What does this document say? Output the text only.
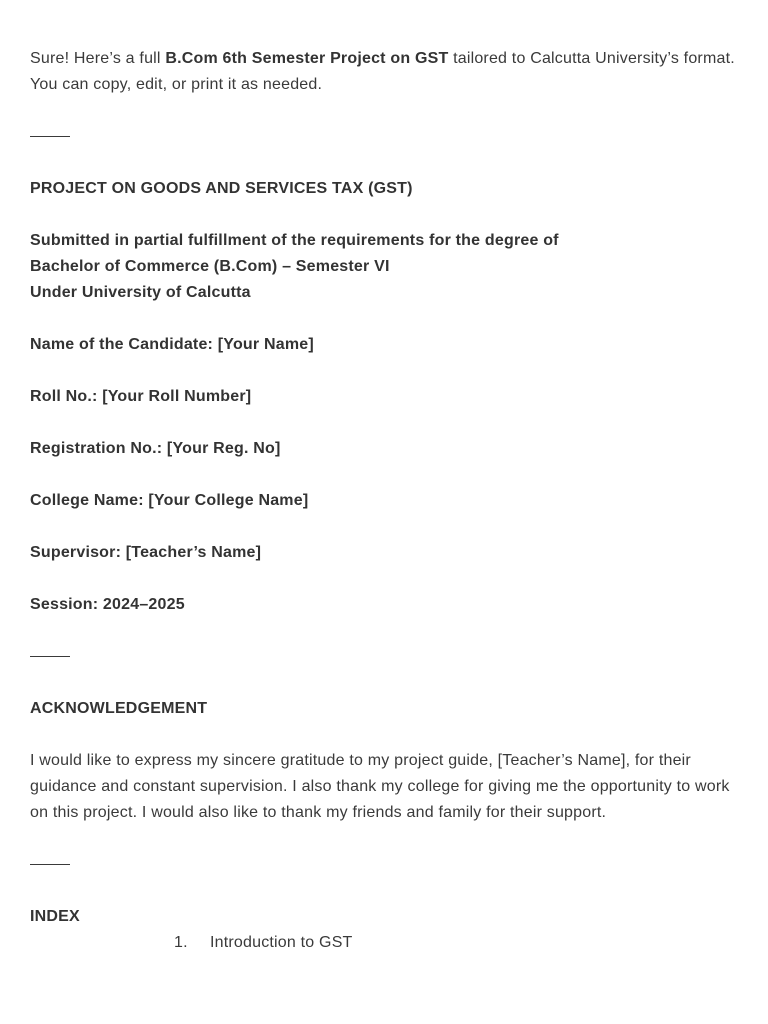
Sure! Here’s a full B.Com 6th Semester Project on GST tailored to Calcutta University’s format.
You can copy, edit, or print it as needed.

PROJECT ON GOODS AND SERVICES TAX (GST)

Submitted in partial fulfillment of the requirements for the degree of
Bachelor of Commerce (B.Com) – Semester VI
Under University of Calcutta

Name of the Candidate: [Your Name]

Roll No.: [Your Roll Number]

Registration No.: [Your Reg. No]

College Name: [Your College Name]

Supervisor: [Teacher’s Name]

Session: 2024–2025

ACKNOWLEDGEMENT

I would like to express my sincere gratitude to my project guide, [Teacher’s Name], for their
guidance and constant supervision. I also thank my college for giving me the opportunity to work
on this project. I would also like to thank my friends and family for their support.

INDEX

1. Introduction to GST
